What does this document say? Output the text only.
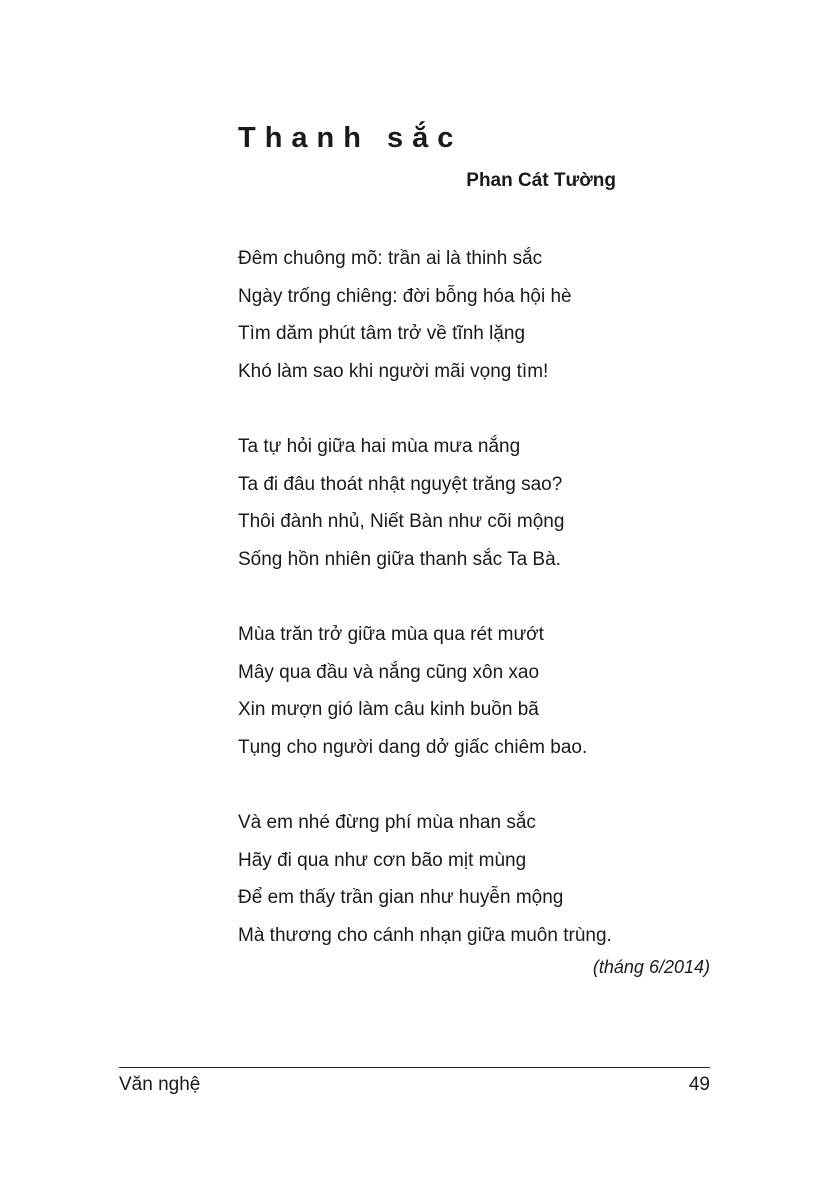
Thanh sắc
Phan Cát Tường
Đêm chuông mõ: trần ai là thinh sắc
Ngày trống chiêng: đời bỗng hóa hội hè
Tìm dăm phút tâm trở về tĩnh lặng
Khó làm sao khi người mãi vọng tìm!
Ta tự hỏi giữa hai mùa mưa nắng
Ta đi đâu thoát nhật nguyệt trăng sao?
Thôi đành nhủ, Niết Bàn như cõi mộng
Sống hồn nhiên giữa thanh sắc Ta Bà.
Mùa trăn trở giữa mùa qua rét mướt
Mây qua đầu và nắng cũng xôn xao
Xin mượn gió làm câu kinh buồn bã
Tụng cho người dang dở giấc chiêm bao.
Và em nhé đừng phí mùa nhan sắc
Hãy đi qua như cơn bão mịt mùng
Để em thấy trần gian như huyễn mộng
Mà thương cho cánh nhạn giữa muôn trùng.
(tháng 6/2014)
Văn nghệ	49
